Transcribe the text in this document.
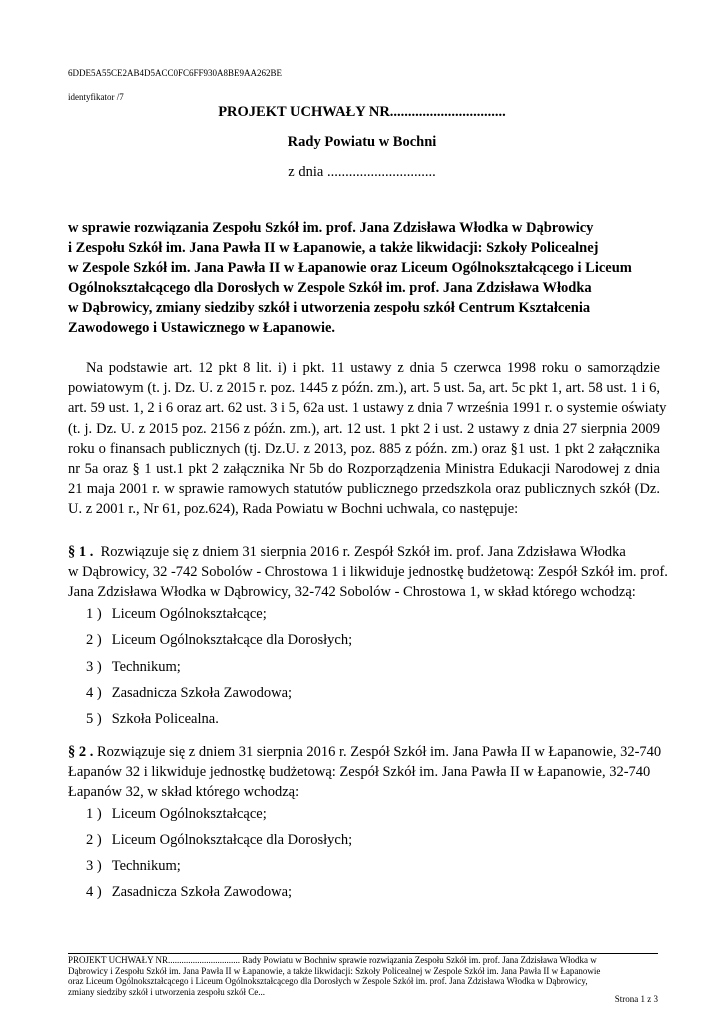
6DDE5A55CE2AB4D5ACC0FC6FF930A8BE9AA262BE
identyfikator /7
PROJEKT UCHWAŁY NR................................
Rady Powiatu w Bochni
z dnia ..............................
w sprawie rozwiązania Zespołu Szkół im. prof. Jana Zdzisława Włodka w Dąbrowicy
i Zespołu Szkół im. Jana Pawła II w Łapanowie, a także likwidacji: Szkoły Policealnej
w Zespole Szkół im. Jana Pawła II w Łapanowie oraz Liceum Ogólnokształcącego i Liceum
Ogólnokształcącego dla Dorosłych w Zespole Szkół im. prof. Jana Zdzisława Włodka
w Dąbrowicy, zmiany siedziby szkół i utworzenia zespołu szkół Centrum Kształcenia
Zawodowego i Ustawicznego w Łapanowie.
Na podstawie art. 12 pkt 8 lit. i) i pkt. 11 ustawy z dnia 5 czerwca 1998 roku o samorządzie
powiatowym (t. j. Dz. U. z 2015 r. poz. 1445 z późn. zm.), art. 5 ust. 5a, art. 5c pkt 1, art. 58 ust. 1 i 6,
art. 59 ust. 1, 2 i 6 oraz art. 62 ust. 3 i 5, 62a ust. 1 ustawy z dnia 7 września 1991 r. o systemie oświaty
(t. j. Dz. U. z 2015 poz. 2156 z późn. zm.), art. 12 ust. 1 pkt 2 i ust. 2 ustawy z dnia 27 sierpnia 2009
roku o finansach publicznych (tj. Dz.U. z 2013, poz. 885 z późn. zm.) oraz §1 ust. 1 pkt 2 załącznika
nr 5a oraz § 1 ust.1 pkt 2 załącznika Nr 5b do Rozporządzenia Ministra Edukacji Narodowej z dnia
21 maja 2001 r. w sprawie ramowych statutów publicznego przedszkola oraz publicznych szkół (Dz.
U. z 2001 r., Nr 61, poz.624), Rada Powiatu w Bochni uchwala, co następuje:
§ 1 . Rozwiązuje się z dniem 31 sierpnia 2016 r. Zespół Szkół im. prof. Jana Zdzisława Włodka
w Dąbrowicy, 32 -742 Sobolów - Chrostowa 1 i likwiduje jednostkę budżetową: Zespół Szkół im. prof.
Jana Zdzisława Włodka w Dąbrowicy, 32-742 Sobolów - Chrostowa 1, w skład którego wchodzą:
1 ) Liceum Ogólnokształcące;
2 ) Liceum Ogólnokształcące dla Dorosłych;
3 ) Technikum;
4 ) Zasadnicza Szkoła Zawodowa;
5 ) Szkoła Policealna.
§ 2 . Rozwiązuje się z dniem 31 sierpnia 2016 r. Zespół Szkół im. Jana Pawła II w Łapanowie, 32-740
Łapanów 32 i likwiduje jednostkę budżetową: Zespół Szkół im. Jana Pawła II w Łapanowie, 32-740
Łapanów 32, w skład którego wchodzą:
1 ) Liceum Ogólnokształcące;
2 ) Liceum Ogólnokształcące dla Dorosłych;
3 ) Technikum;
4 ) Zasadnicza Szkoła Zawodowa;
PROJEKT UCHWAŁY NR................................ Rady Powiatu w Bochniw sprawie rozwiązania Zespołu Szkół im. prof. Jana Zdzisława Włodka w
Dąbrowicy i Zespołu Szkół im. Jana Pawła II w Łapanowie, a także likwidacji: Szkoły Policealnej w Zespole Szkół im. Jana Pawła II w Łapanowie
oraz Liceum Ogólnokształcącego i Liceum Ogólnokształcącego dla Dorosłych w Zespole Szkół im. prof. Jana Zdzisława Włodka w Dąbrowicy,
zmiany siedziby szkół i utworzenia zespołu szkół Ce...
Strona 1 z 3
